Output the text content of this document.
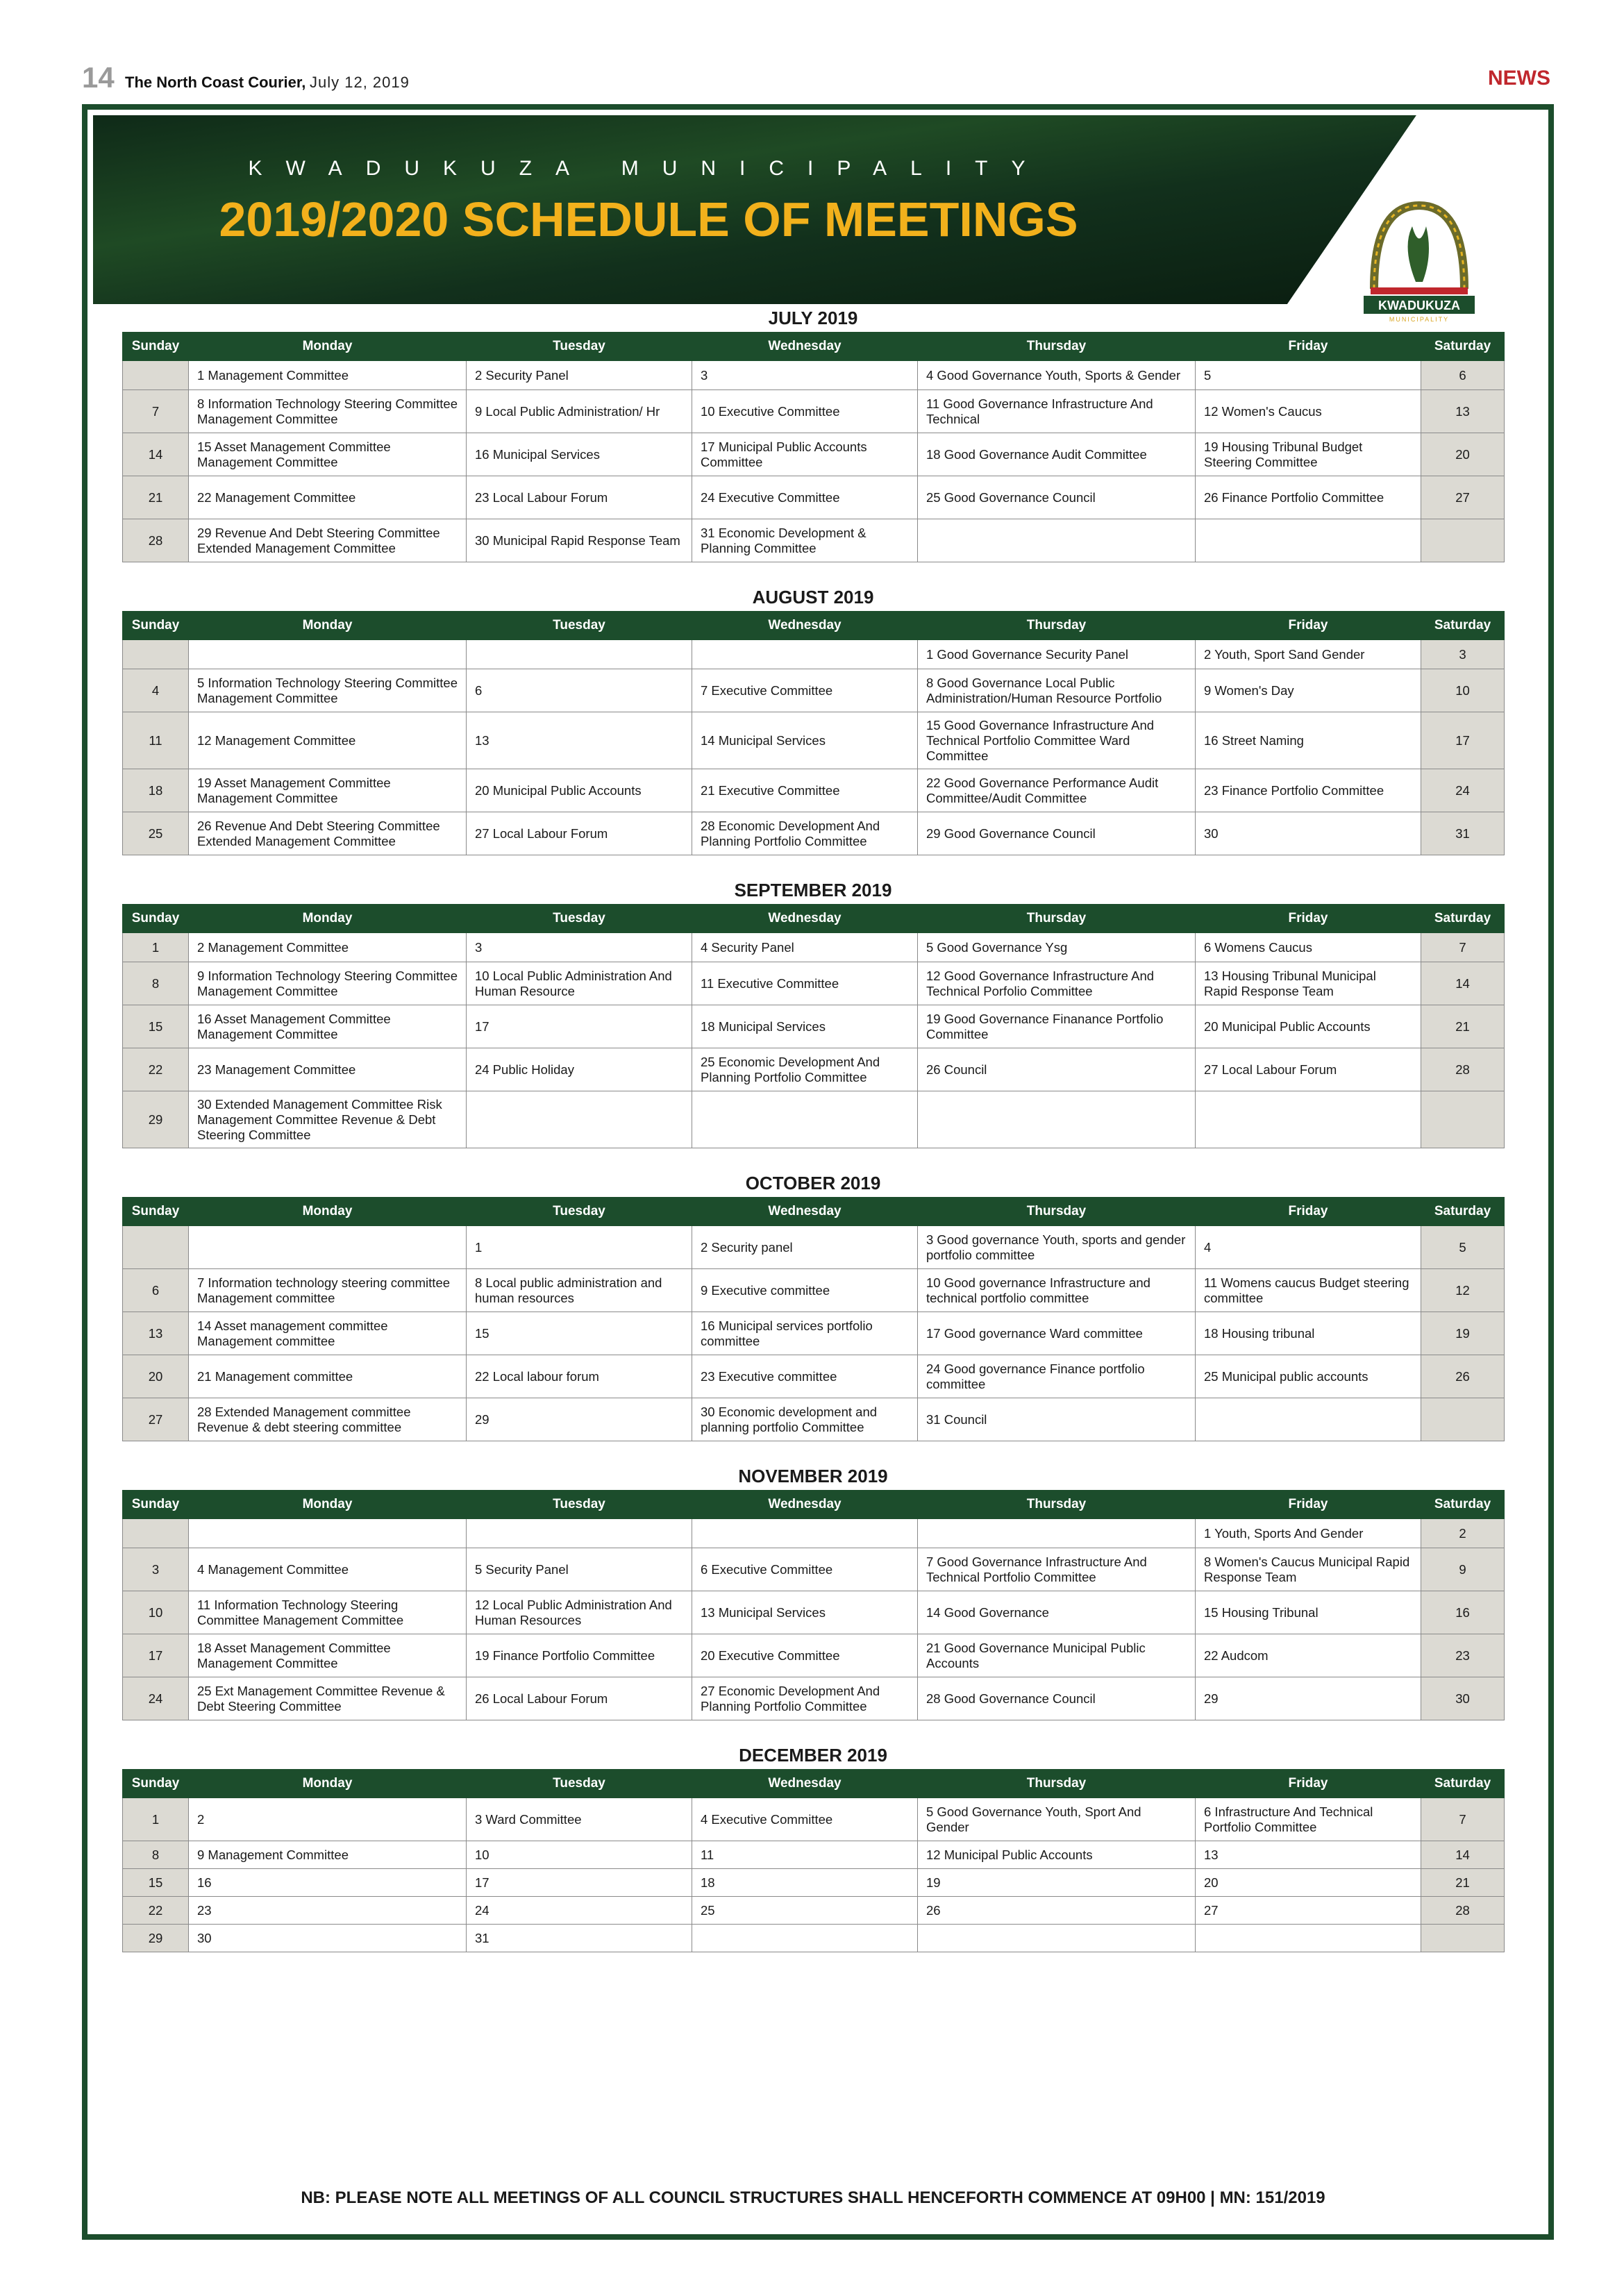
14 The North Coast Courier, July 12, 2019	NEWS
KWADUKUZA MUNICIPALITY
2019/2020 SCHEDULE OF MEETINGS
KWADUKUZA
MUNICIPALITY
JULY 2019
Sunday	Monday	Tuesday	Wednesday	Thursday	Friday	Saturday
	1 Management Committee	2 Security Panel	3	4 Good Governance Youth, Sports & Gender	5	6
7	8 Information Technology Steering Committee Management Committee	9 Local Public Administration/ Hr	10 Executive Committee	11 Good Governance Infrastructure And Technical	12 Women's Caucus	13
14	15 Asset Management Committee Management Committee	16 Municipal Services	17 Municipal Public Accounts Committee	18 Good Governance Audit Committee	19 Housing Tribunal Budget Steering Committee	20
21	22 Management Committee	23 Local Labour Forum	24 Executive Committee	25 Good Governance Council	26 Finance Portfolio Committee	27
28	29 Revenue And Debt Steering Committee Extended Management Committee	30 Municipal Rapid Response Team	31 Economic Development & Planning Committee			
AUGUST 2019
Sunday	Monday	Tuesday	Wednesday	Thursday	Friday	Saturday
				1 Good Governance Security Panel	2 Youth, Sport Sand Gender	3
4	5 Information Technology Steering Committee Management Committee	6	7 Executive Committee	8 Good Governance Local Public Administration/Human Resource Portfolio	9 Women's Day	10
11	12 Management Committee	13	14 Municipal Services	15 Good Governance Infrastructure And Technical Portfolio Committee Ward Committee	16 Street Naming	17
18	19 Asset Management Committee Management Committee	20 Municipal Public Accounts	21 Executive Committee	22 Good Governance Performance Audit Committee/Audit Committee	23 Finance Portfolio Committee	24
25	26 Revenue And Debt Steering Committee Extended Management Committee	27 Local Labour Forum	28 Economic Development And Planning Portfolio Committee	29 Good Governance Council	30	31
SEPTEMBER 2019
Sunday	Monday	Tuesday	Wednesday	Thursday	Friday	Saturday
1	2 Management Committee	3	4 Security Panel	5 Good Governance Ysg	6 Womens Caucus	7
8	9 Information Technology Steering Committee Management Committee	10 Local Public Administration And Human Resource	11 Executive Committee	12 Good Governance Infrastructure And Technical Porfolio Committee	13 Housing Tribunal Municipal Rapid Response Team	14
15	16 Asset Management Committee Management Committee	17	18 Municipal Services	19 Good Governance Finanance Portfolio Committee	20 Municipal Public Accounts	21
22	23 Management Committee	24 Public Holiday	25 Economic Development And Planning Portfolio Committee	26 Council	27 Local Labour Forum	28
29	30 Extended Management Committee Risk Management Committee Revenue & Debt Steering Committee					
OCTOBER 2019
Sunday	Monday	Tuesday	Wednesday	Thursday	Friday	Saturday
		1	2 Security panel	3 Good governance Youth, sports and gender portfolio committee	4	5
6	7 Information technology steering committee Management committee	8 Local public administration and human resources	9 Executive committee	10 Good governance Infrastructure and technical portfolio committee	11 Womens caucus Budget steering committee	12
13	14 Asset management committee Management committee	15	16 Municipal services portfolio committee	17 Good governance Ward committee	18 Housing tribunal	19
20	21 Management committee	22 Local labour forum	23 Executive committee	24 Good governance Finance portfolio committee	25 Municipal public accounts	26
27	28 Extended Management committee Revenue & debt steering committee	29	30 Economic development and planning portfolio Committee	31 Council		
NOVEMBER 2019
Sunday	Monday	Tuesday	Wednesday	Thursday	Friday	Saturday
					1 Youth, Sports And Gender	2
3	4 Management Committee	5 Security Panel	6 Executive Committee	7 Good Governance Infrastructure And Technical Portfolio Committee	8 Women's Caucus Municipal Rapid Response Team	9
10	11 Information Technology Steering Committee Management Committee	12 Local Public Administration And Human Resources	13 Municipal Services	14 Good Governance	15 Housing Tribunal	16
17	18 Asset Management Committee Management Committee	19 Finance Portfolio Committee	20 Executive Committee	21 Good Governance Municipal Public Accounts	22 Audcom	23
24	25 Ext Management Committee Revenue & Debt Steering Committee	26 Local Labour Forum	27 Economic Development And Planning Portfolio Committee	28 Good Governance Council	29	30
DECEMBER 2019
Sunday	Monday	Tuesday	Wednesday	Thursday	Friday	Saturday
1	2	3 Ward Committee	4 Executive Committee	5 Good Governance Youth, Sport And Gender	6 Infrastructure And Technical Portfolio Committee	7
8	9 Management Committee	10	11	12 Municipal Public Accounts	13	14
15	16	17	18	19	20	21
22	23	24	25	26	27	28
29	30	31				
NB: PLEASE NOTE ALL MEETINGS OF ALL COUNCIL STRUCTURES SHALL HENCEFORTH COMMENCE AT 09H00 | MN: 151/2019
